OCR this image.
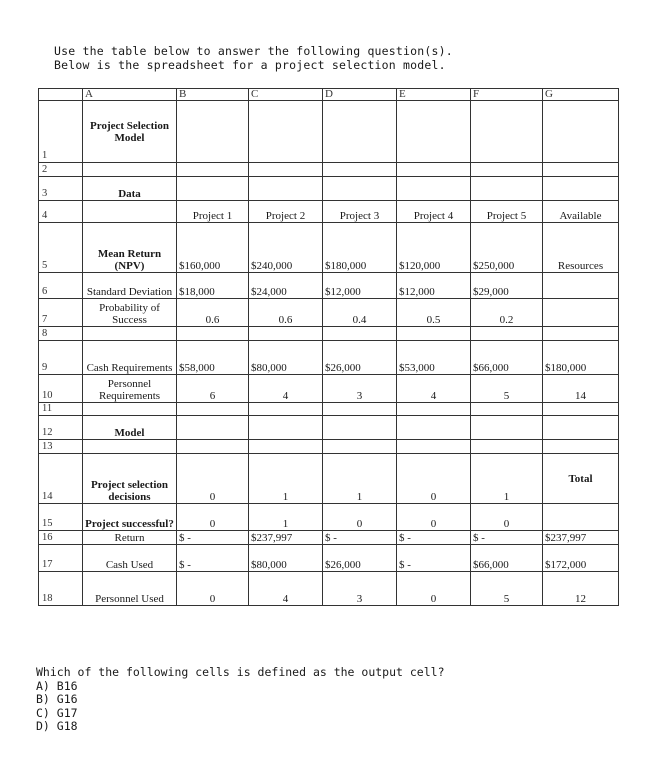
Use the table below to answer the following question(s).
Below is the spreadsheet for a project selection model.
	A	B	C	D	E	F	G
1	Project Selection Model						
2							
3	Data						
4		Project 1	Project 2	Project 3	Project 4	Project 5	Available
5	Mean Return (NPV)	$160,000	$240,000	$180,000	$120,000	$250,000	Resources
6	Standard Deviation	$18,000	$24,000	$12,000	$12,000	$29,000	
7	Probability of Success	0.6	0.6	0.4	0.5	0.2	
8							
9	Cash Requirements	$58,000	$80,000	$26,000	$53,000	$66,000	$180,000
10	Personnel Requirements	6	4	3	4	5	14
11							
12	Model						
13							
14	Project selection decisions	0	1	1	0	1	Total
15	Project successful?	0	1	0	0	0	
16	Return	$ -	$237,997	$ -	$ -	$ -	$237,997
17	Cash Used	$ -	$80,000	$26,000	$ -	$66,000	$172,000
18	Personnel Used	0	4	3	0	5	12
Which of the following cells is defined as the output cell?
A) B16
B) G16
C) G17
D) G18
